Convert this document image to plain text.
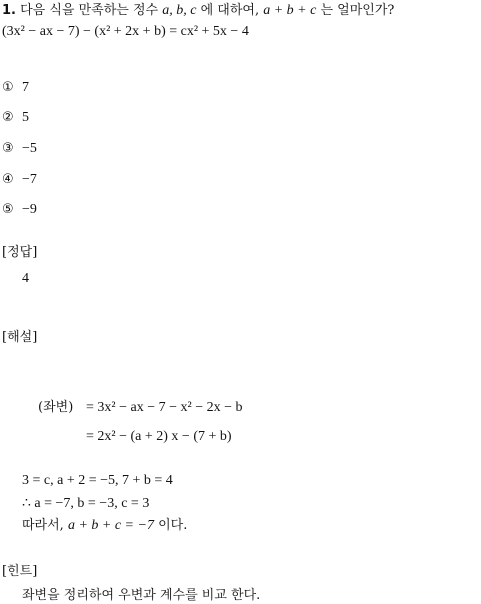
1. 다음 식을 만족하는 정수 a, b, c 에 대하여, a + b + c 는 얼마인가?
(3x² − ax − 7) − (x² + 2x + b) = cx² + 5x − 4
① 7
② 5
③ −5
④ −7
⑤ −9
[정답]
4
[해설]
(좌변) = 3x² − ax − 7 − x² − 2x − b
= 2x² − (a + 2) x − (7 + b)
3 = c, a + 2 = −5, 7 + b = 4
∴ a = −7, b = −3, c = 3
따라서, a + b + c = −7 이다.
[힌트]
좌변을 정리하여 우변과 계수를 비교 한다.
